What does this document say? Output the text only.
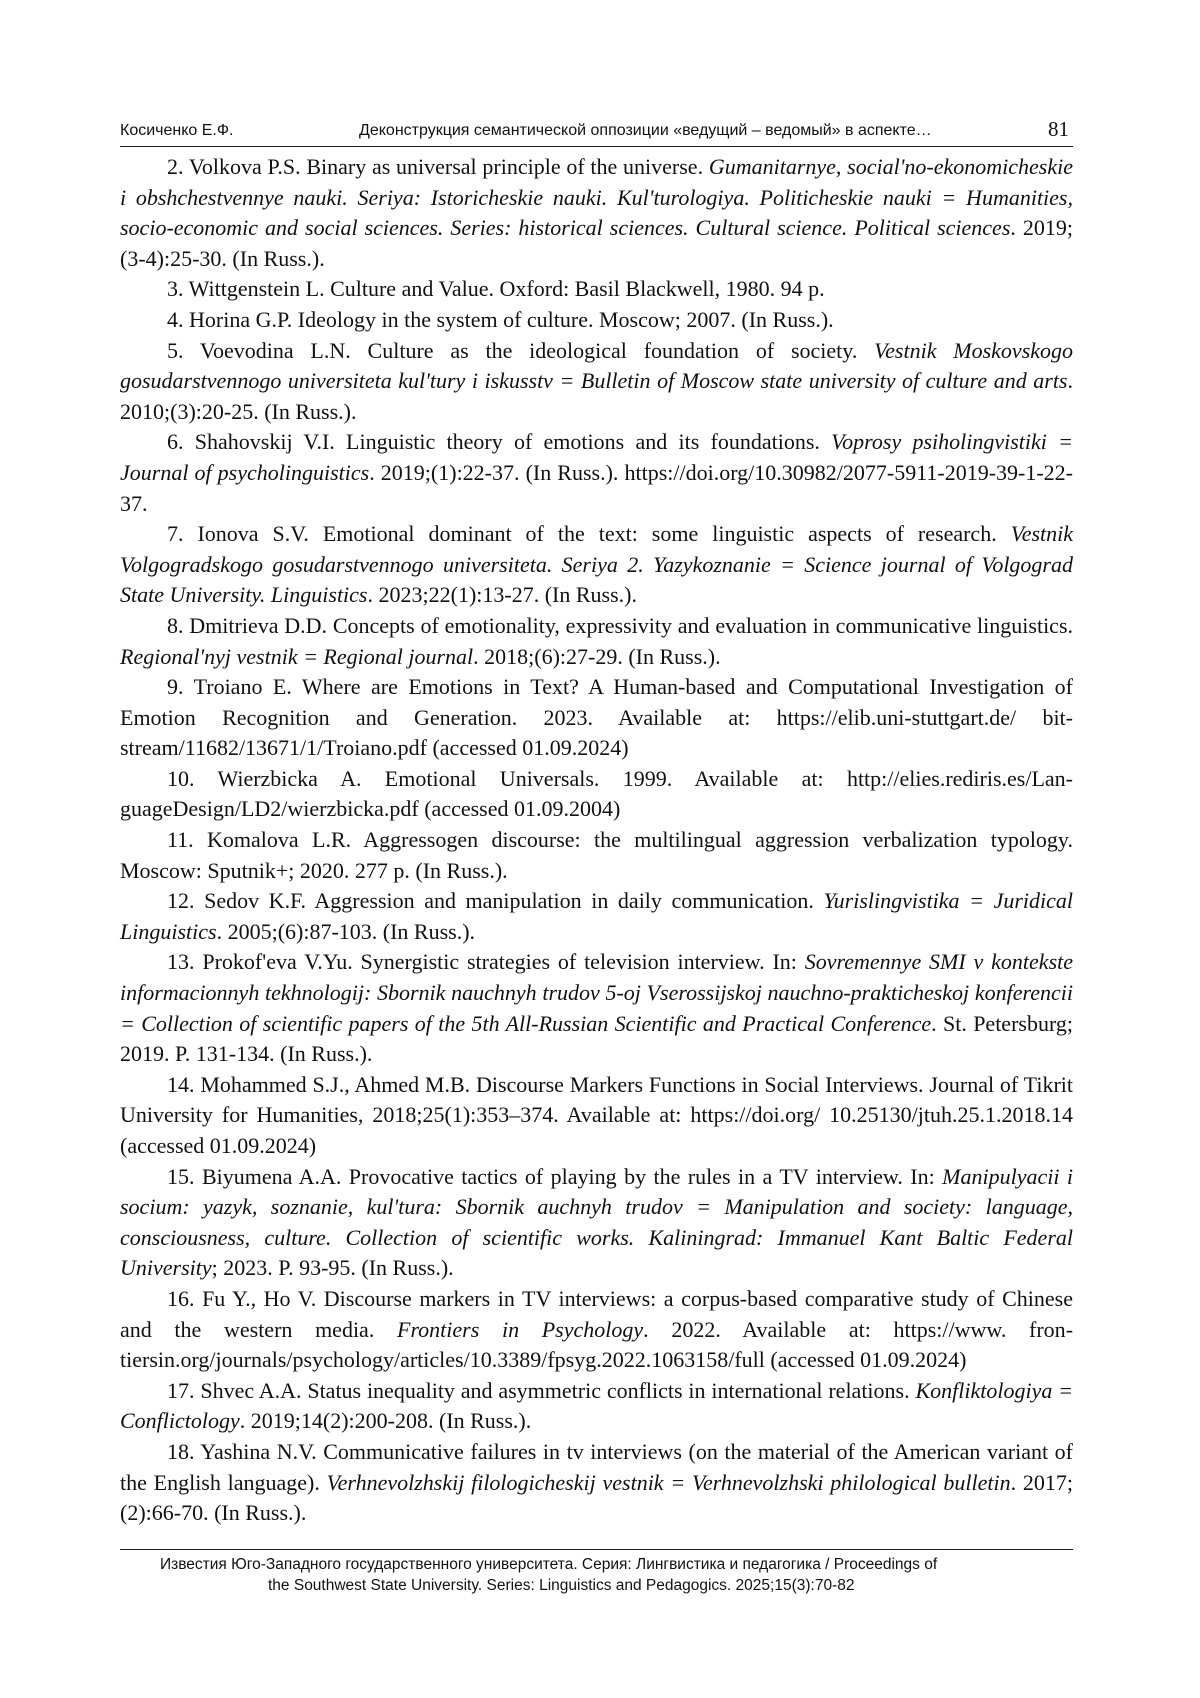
Косиченко Е.Ф.	Деконструкция семантической оппозиции «ведущий – ведомый» в аспекте…	81

2. Volkova P.S. Binary as universal principle of the universe. Gumanitarnye, social'no-ekonomicheskie i obshchestvennye nauki. Seriya: Istoricheskie nauki. Kul'turologiya. Politicheskie nauki = Humanities, socio-economic and social sciences. Series: historical sciences. Cultural science. Political sciences. 2019;(3-4):25-30. (In Russ.).

3. Wittgenstein L. Culture and Value. Oxford: Basil Blackwell, 1980. 94 p.

4. Horina G.P. Ideology in the system of culture. Moscow; 2007. (In Russ.).

5. Voevodina L.N. Culture as the ideological foundation of society. Vestnik Moskovskogo gosudarstvennogo universiteta kul'tury i iskusstv = Bulletin of Moscow state university of culture and arts. 2010;(3):20-25. (In Russ.).

6. Shahovskij V.I. Linguistic theory of emotions and its foundations. Voprosy psiholingvistiki = Journal of psycholinguistics. 2019;(1):22-37. (In Russ.). https://doi.org/10.30982/2077-5911-2019-39-1-22-37.

7. Ionova S.V. Emotional dominant of the text: some linguistic aspects of research. Vestnik Volgogradskogo gosudarstvennogo universiteta. Seriya 2. Yazykoznanie = Science journal of Volgograd State University. Linguistics. 2023;22(1):13-27. (In Russ.).

8. Dmitrieva D.D. Concepts of emotionality, expressivity and evaluation in communicative linguistics. Regional'nyj vestnik = Regional journal. 2018;(6):27-29. (In Russ.).

9. Troiano E. Where are Emotions in Text? A Human-based and Computational Investigation of Emotion Recognition and Generation. 2023. Available at: https://elib.uni-stuttgart.de/ bitstream/11682/13671/1/Troiano.pdf (accessed 01.09.2024)

10. Wierzbicka A. Emotional Universals. 1999. Available at: http://elies.rediris.es/LanguageDesign/LD2/wierzbicka.pdf (accessed 01.09.2004)

11. Komalova L.R. Aggressogen discourse: the multilingual aggression verbalization typology. Moscow: Sputnik+; 2020. 277 p. (In Russ.).

12. Sedov K.F. Aggression and manipulation in daily communication. Yurislingvistika = Juridical Linguistics. 2005;(6):87-103. (In Russ.).

13. Prokof'eva V.Yu. Synergistic strategies of television interview. In: Sovremennye SMI v kontekste informacionnyh tekhnologij: Sbornik nauchnyh trudov 5-oj Vserossijskoj nauchno-prakticheskoj konferencii = Collection of scientific papers of the 5th All-Russian Scientific and Practical Conference. St. Petersburg; 2019. P. 131-134. (In Russ.).

14. Mohammed S.J., Ahmed M.B. Discourse Markers Functions in Social Interviews. Journal of Tikrit University for Humanities, 2018;25(1):353–374. Available at: https://doi.org/ 10.25130/jtuh.25.1.2018.14 (accessed 01.09.2024)

15. Biyumena A.A. Provocative tactics of playing by the rules in a TV interview. In: Manipulyacii i socium: yazyk, soznanie, kul'tura: Sbornik auchnyh trudov = Manipulation and society: language, consciousness, culture. Collection of scientific works. Kaliningrad: Immanuel Kant Baltic Federal University; 2023. P. 93-95. (In Russ.).

16. Fu Y., Ho V. Discourse markers in TV interviews: a corpus-based comparative study of Chinese and the western media. Frontiers in Psychology. 2022. Available at: https://www. frontiersin.org/journals/psychology/articles/10.3389/fpsyg.2022.1063158/full (accessed 01.09.2024)

17. Shvec A.A. Status inequality and asymmetric conflicts in international relations. Konfliktologiya = Conflictology. 2019;14(2):200-208. (In Russ.).

18. Yashina N.V. Communicative failures in tv interviews (on the material of the American variant of the English language). Verhnevolzhskij filologicheskij vestnik = Verhnevolzhski philological bulletin. 2017;(2):66-70. (In Russ.).

Известия Юго-Западного государственного университета. Серия: Лингвистика и педагогика / Proceedings of
the Southwest State University. Series: Linguistics and Pedagogics. 2025;15(3):70-82
